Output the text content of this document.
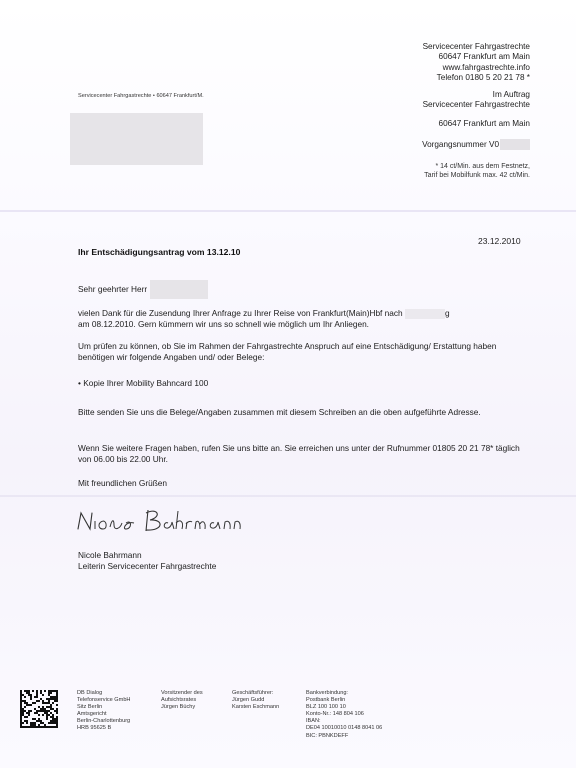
Servicecenter Fahrgastrechte
60647 Frankfurt am Main
www.fahrgastrechte.info
Telefon 0180 5 20 21 78 *
Im Auftrag
Servicecenter Fahrgastrechte
60647 Frankfurt am Main
Vorgangsnummer V0
* 14 ct/Min. aus dem Festnetz,
Tarif bei Mobilfunk max. 42 ct/Min.
Servicecenter Fahrgastrechte • 60647 Frankfurt/M.
23.12.2010
Ihr Entschädigungsantrag vom 13.12.10
Sehr geehrter Herr
vielen Dank für die Zusendung Ihrer Anfrage zu Ihrer Reise von Frankfurt(Main)Hbf nach	g
am 08.12.2010. Gern kümmern wir uns so schnell wie möglich um Ihr Anliegen.
Um prüfen zu können, ob Sie im Rahmen der Fahrgastrechte Anspruch auf eine Entschädigung/ Erstattung haben benötigen wir folgende Angaben und/ oder Belege:
• Kopie Ihrer Mobility Bahncard 100
Bitte senden Sie uns die Belege/Angaben zusammen mit diesem Schreiben an die oben aufgeführte Adresse.
Wenn Sie weitere Fragen haben, rufen Sie uns bitte an. Sie erreichen uns unter der Rufnummer 01805 20 21 78* täglich von 06.00 bis 22.00 Uhr.
Mit freundlichen Grüßen
Nicole Bahrmann
Leiterin Servicecenter Fahrgastrechte
DB Dialog
Telefonservice GmbH
Sitz Berlin
Amtsgericht
Berlin-Charlottenburg
HRB 95625 B
Vorsitzender des
Aufsichtsrates
Jürgen Büchy
Geschäftsführer:
Jürgen Gudd
Karsten Eschmann
Bankverbindung:
Postbank Berlin
BLZ 100 100 10
Konto-Nr.: 148 804 106
IBAN:
DE04 10010010 0148 8041 06
BIC: PBNKDEFF
